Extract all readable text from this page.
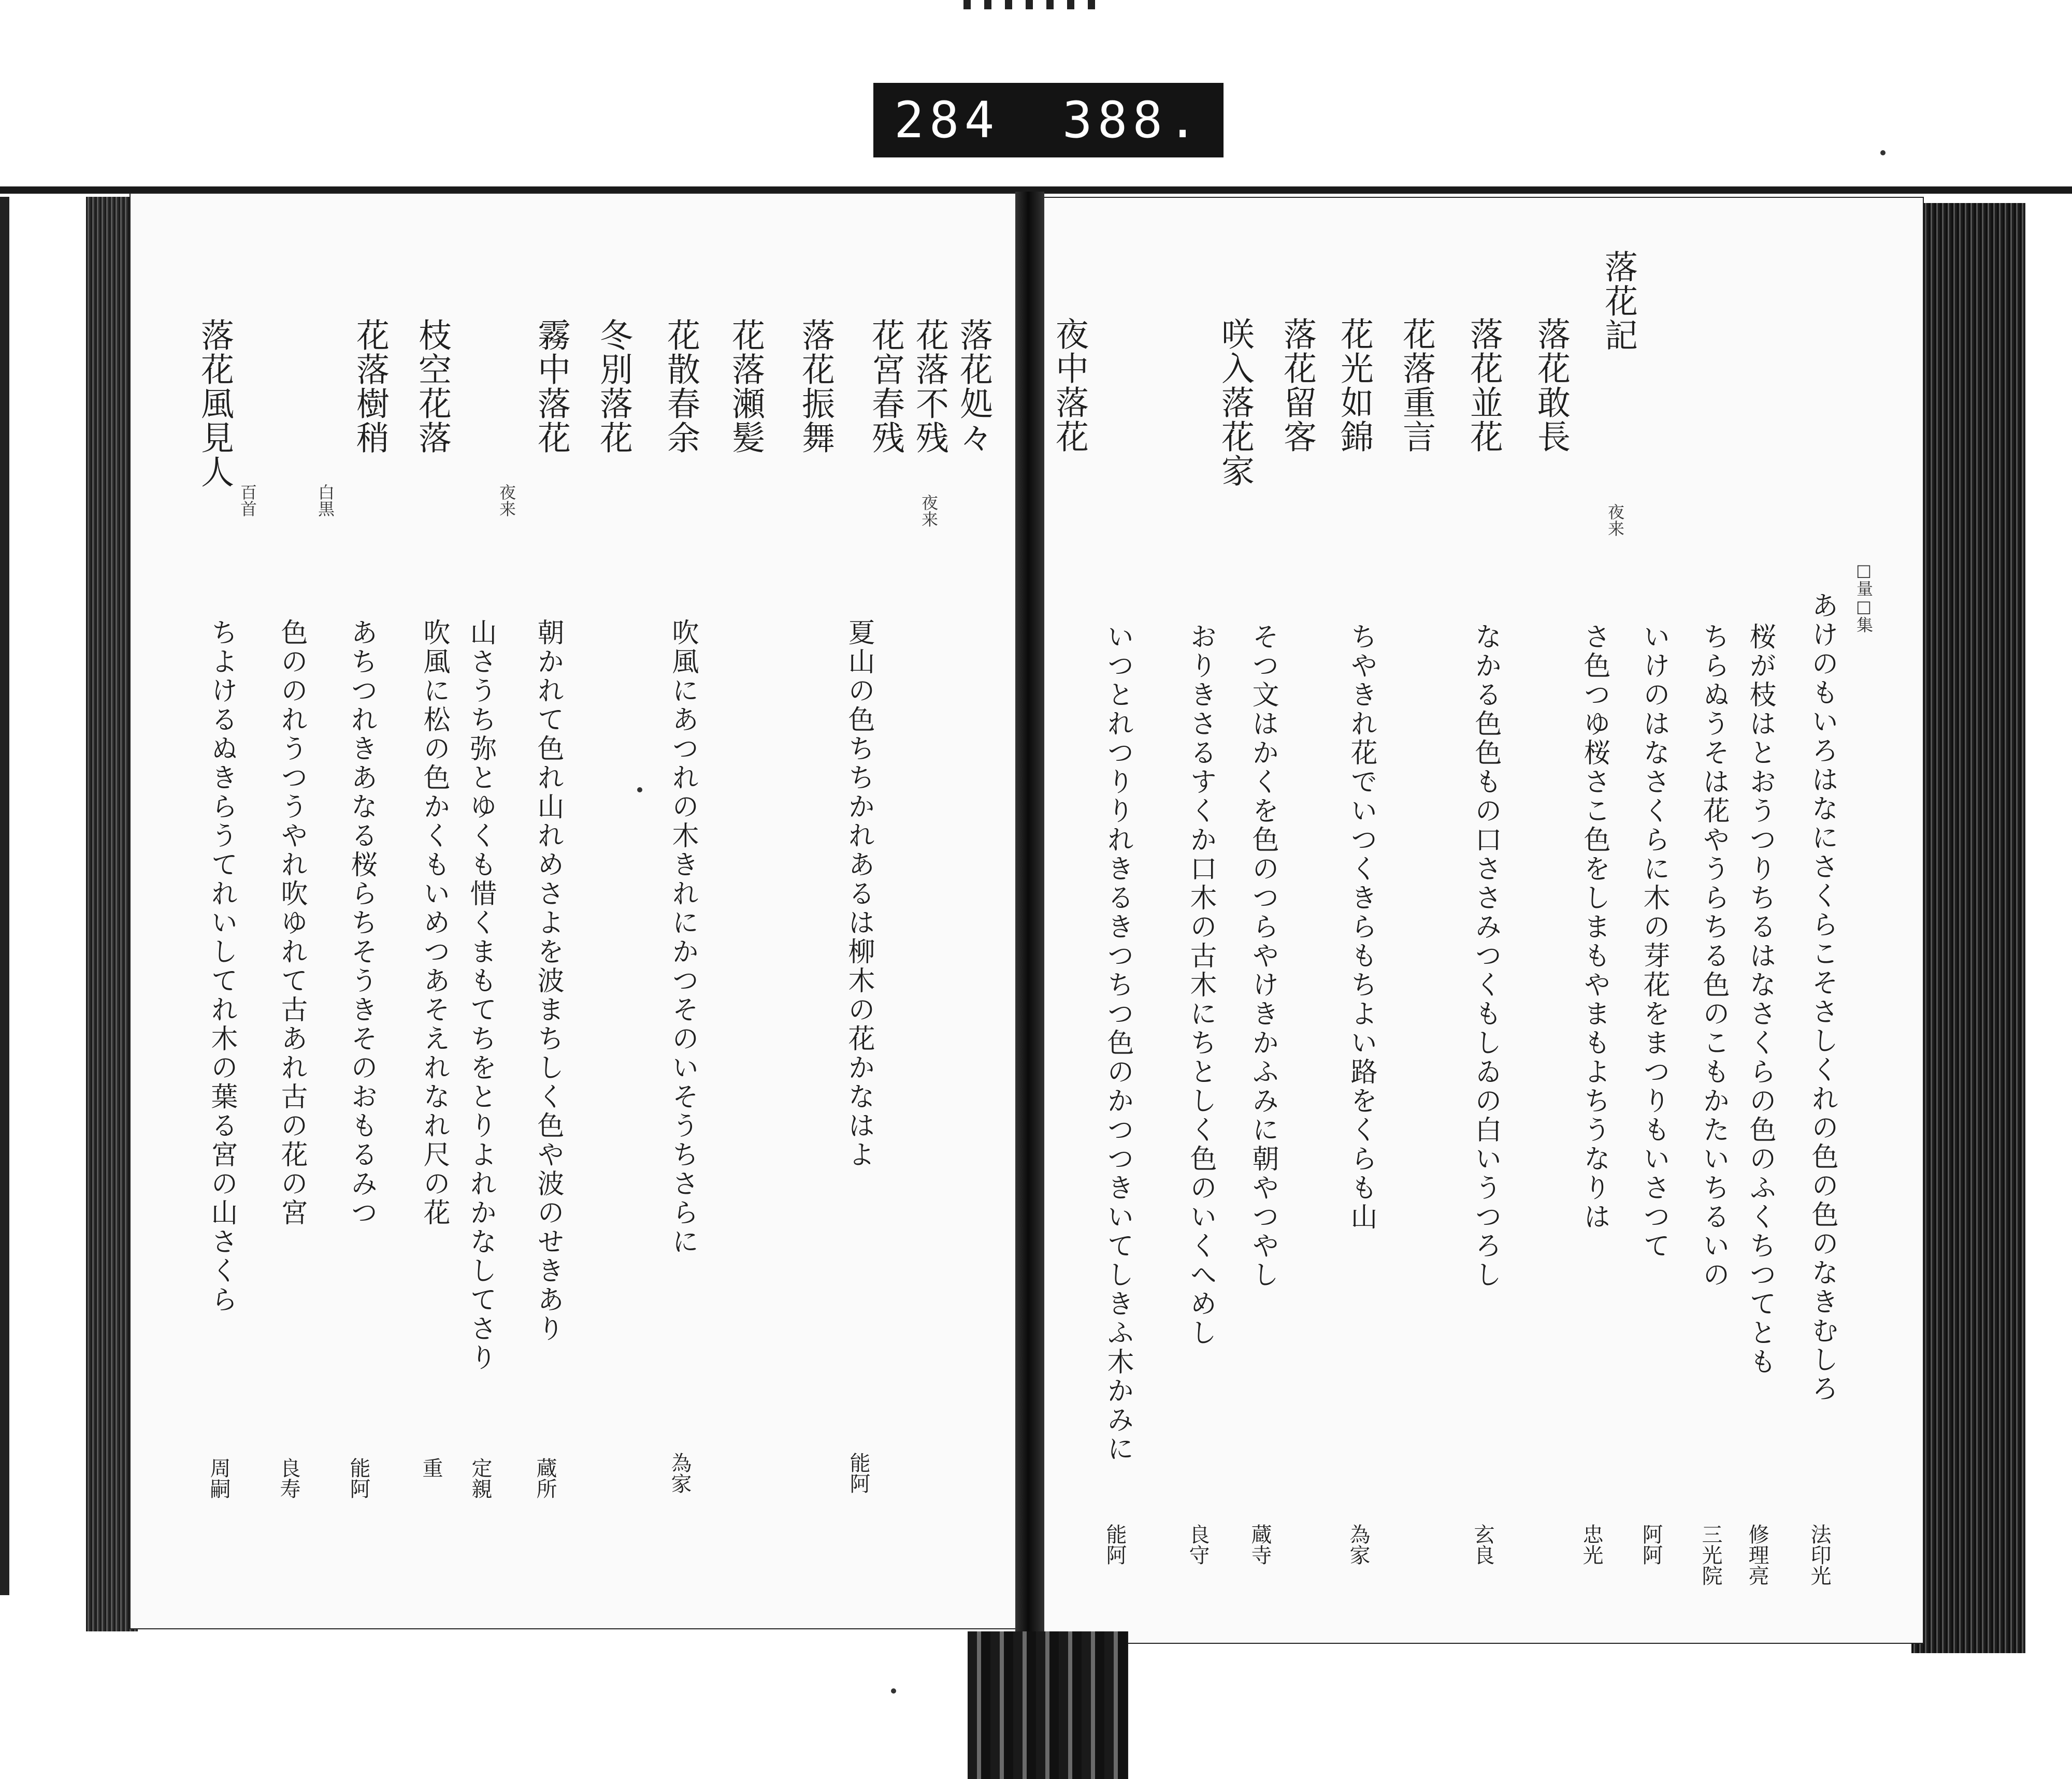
284 388.
落花処々
夜来
花落不残
花宮春残
落花振舞
花落瀬髪
花散春余
冬別落花
霧中落花
夜来
枝空花落
花落樹稍
白黒
落花風見人
百首
夏山の色ちちかれあるは柳木の花かなはよ
能阿
吹風にあつれの木きれにかつそのいそうちさらに
為家
朝かれて色れ山れめさよを波まちしく色や波のせきあり
蔵所
山さうち弥とゆくも惜くまもてちをとりよれかなしてさり
定親
吹風に松の色かくもいめつあそえれなれ尺の花
重
あちつれきあなる桜らちそうきそのおもるみつ
能阿
色ののれうつうやれ吹ゆれて古あれ古の花の宮
良寿
ちよけるぬきらうてれいしてれ木の葉る宮の山さくら
周嗣
□量□集
落花記
夜来
落花敢長
落花並花
花落重言
花光如錦
落花留客
咲入落花家
夜中落花
あけのもいろはなにさくらこそさしくれの色の色のなきむしろ
法印光
桜が枝はとおうつりちるはなさくらの色のふくちつてとも
修理亮
ちらぬうそは花やうらちる色のこもかたいちるいの
三光院
いけのはなさくらに木の芽花をまつりもいさつて
阿阿
さ色つゆ桜さこ色をしまもやまもよちうなりは
忠光
なかる色色もの口ささみつくもしゐの白いうつろし
玄良
ちやきれ花でいつくきらもちよい路をくらも山
為家
そつ文はかくを色のつらやけきかふみに朝やつやし
蔵寺
おりきさるすくか口木の古木にちとしく色のいくへめし
良守
いつとれつりりれきるきつちつ色のかつつきいてしきふ木かみに
能阿
